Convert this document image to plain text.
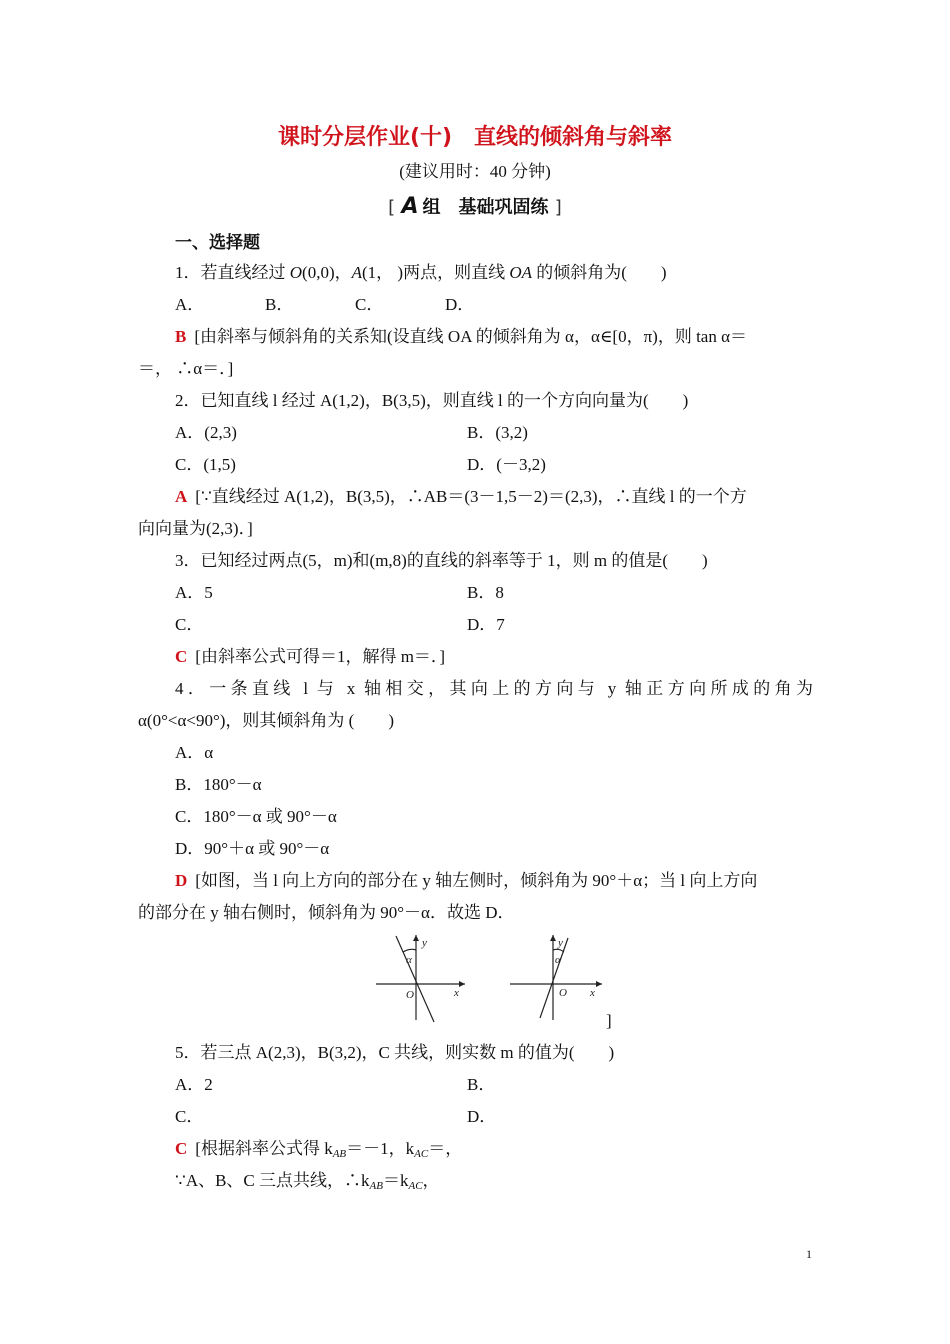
课时分层作业(十)　直线的倾斜角与斜率
(建议用时：40 分钟)
[ A 组　基础巩固练 ]
一、选择题
1．若直线经过 O(0,0)，A(1， )两点，则直线 OA 的倾斜角为(　　)
A．	B．	C．	D．
B [由斜率与倾斜角的关系知(设直线 OA 的倾斜角为 α，α∈[0，π)，则 tan α＝
＝， ∴α＝．]
2．已知直线 l 经过 A(1,2)，B(3,5)，则直线 l 的一个方向向量为(　　)
A．(2,3)	B．(3,2)
C．(1,5)	D．(－3,2)
A [∵直线经过 A(1,2)，B(3,5)，∴AB＝(3－1,5－2)＝(2,3)，∴直线 l 的一个方
向向量为(2,3)．]
3．已知经过两点(5，m)和(m,8)的直线的斜率等于 1，则 m 的值是(　　)
A．5	B．8
C．	D．7
C [由斜率公式可得＝1，解得 m＝．]
4．一条直线 l 与 x 轴相交，其向上的方向与 y 轴正方向所成的角为
α(0°<α<90°)，则其倾斜角为 (　　)
A．α
B．180°－α
C．180°－α 或 90°－α
D．90°＋α 或 90°－α
D [如图，当 l 向上方向的部分在 y 轴左侧时，倾斜角为 90°＋α；当 l 向上方向
的部分在 y 轴右侧时，倾斜角为 90°－α．故选 D．
y
x
O
α
y
x
O
α
]
5．若三点 A(2,3)，B(3,2)，C 共线，则实数 m 的值为(　　)
A．2	B．
C．	D．
C [根据斜率公式得 $k_{AB}=-1$，$k_{AC}=$，
∵A、B、C 三点共线，$\therefore k_{AB}=k_{AC}$，
1
